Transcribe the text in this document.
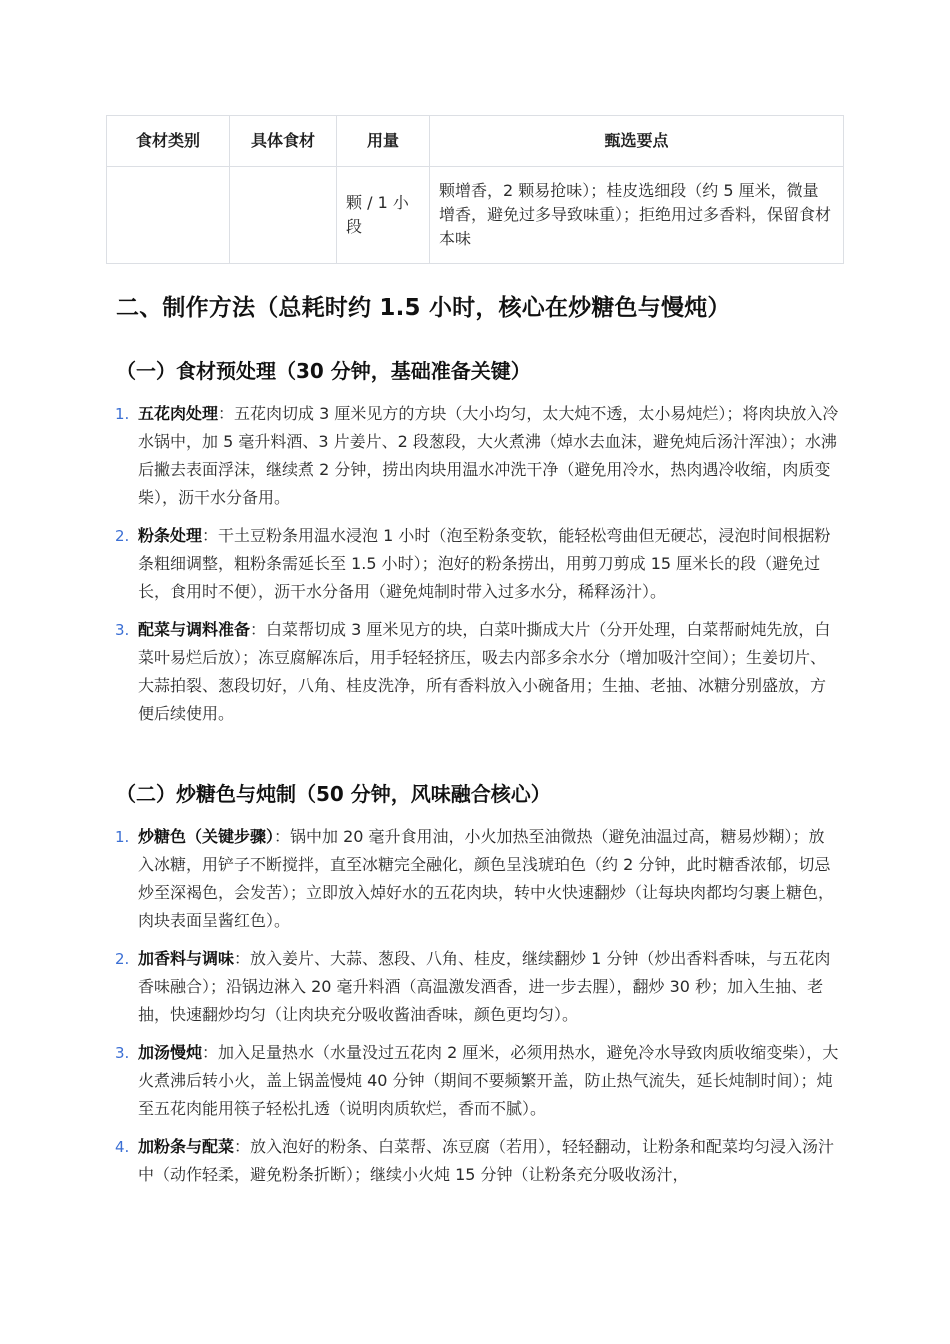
食材类别	具体食材	用量	甄选要点
		颗 / 1 小段	颗增香，2 颗易抢味）；桂皮选细段（约 5 厘米，微量增香，避免过多导致味重）；拒绝用过多香料，保留食材本味
二、制作方法（总耗时约 1.5 小时，核心在炒糖色与慢炖）
（一）食材预处理（30 分钟，基础准备关键）
1. 五花肉处理：五花肉切成 3 厘米见方的方块（大小均匀，太大炖不透，太小易炖烂）；将肉块放入冷水锅中，加 5 毫升料酒、3 片姜片、2 段葱段，大火煮沸（焯水去血沫，避免炖后汤汁浑浊）；水沸后撇去表面浮沫，继续煮 2 分钟，捞出肉块用温水冲洗干净（避免用冷水，热肉遇冷收缩，肉质变柴），沥干水分备用。
2. 粉条处理：干土豆粉条用温水浸泡 1 小时（泡至粉条变软，能轻松弯曲但无硬芯，浸泡时间根据粉条粗细调整，粗粉条需延长至 1.5 小时）；泡好的粉条捞出，用剪刀剪成 15 厘米长的段（避免过长，食用时不便），沥干水分备用（避免炖制时带入过多水分，稀释汤汁）。
3. 配菜与调料准备：白菜帮切成 3 厘米见方的块，白菜叶撕成大片（分开处理，白菜帮耐炖先放，白菜叶易烂后放）；冻豆腐解冻后，用手轻轻挤压，吸去内部多余水分（增加吸汁空间）；生姜切片、大蒜拍裂、葱段切好，八角、桂皮洗净，所有香料放入小碗备用；生抽、老抽、冰糖分别盛放，方便后续使用。
（二）炒糖色与炖制（50 分钟，风味融合核心）
1. 炒糖色（关键步骤）：锅中加 20 毫升食用油，小火加热至油微热（避免油温过高，糖易炒糊）；放入冰糖，用铲子不断搅拌，直至冰糖完全融化，颜色呈浅琥珀色（约 2 分钟，此时糖香浓郁，切忌炒至深褐色，会发苦）；立即放入焯好水的五花肉块，转中火快速翻炒（让每块肉都均匀裹上糖色，肉块表面呈酱红色）。
2. 加香料与调味：放入姜片、大蒜、葱段、八角、桂皮，继续翻炒 1 分钟（炒出香料香味，与五花肉香味融合）；沿锅边淋入 20 毫升料酒（高温激发酒香，进一步去腥），翻炒 30 秒；加入生抽、老抽，快速翻炒均匀（让肉块充分吸收酱油香味，颜色更均匀）。
3. 加汤慢炖：加入足量热水（水量没过五花肉 2 厘米，必须用热水，避免冷水导致肉质收缩变柴），大火煮沸后转小火，盖上锅盖慢炖 40 分钟（期间不要频繁开盖，防止热气流失，延长炖制时间）；炖至五花肉能用筷子轻松扎透（说明肉质软烂，香而不腻）。
4. 加粉条与配菜：放入泡好的粉条、白菜帮、冻豆腐（若用），轻轻翻动，让粉条和配菜均匀浸入汤汁中（动作轻柔，避免粉条折断）；继续小火炖 15 分钟（让粉条充分吸收汤汁，
